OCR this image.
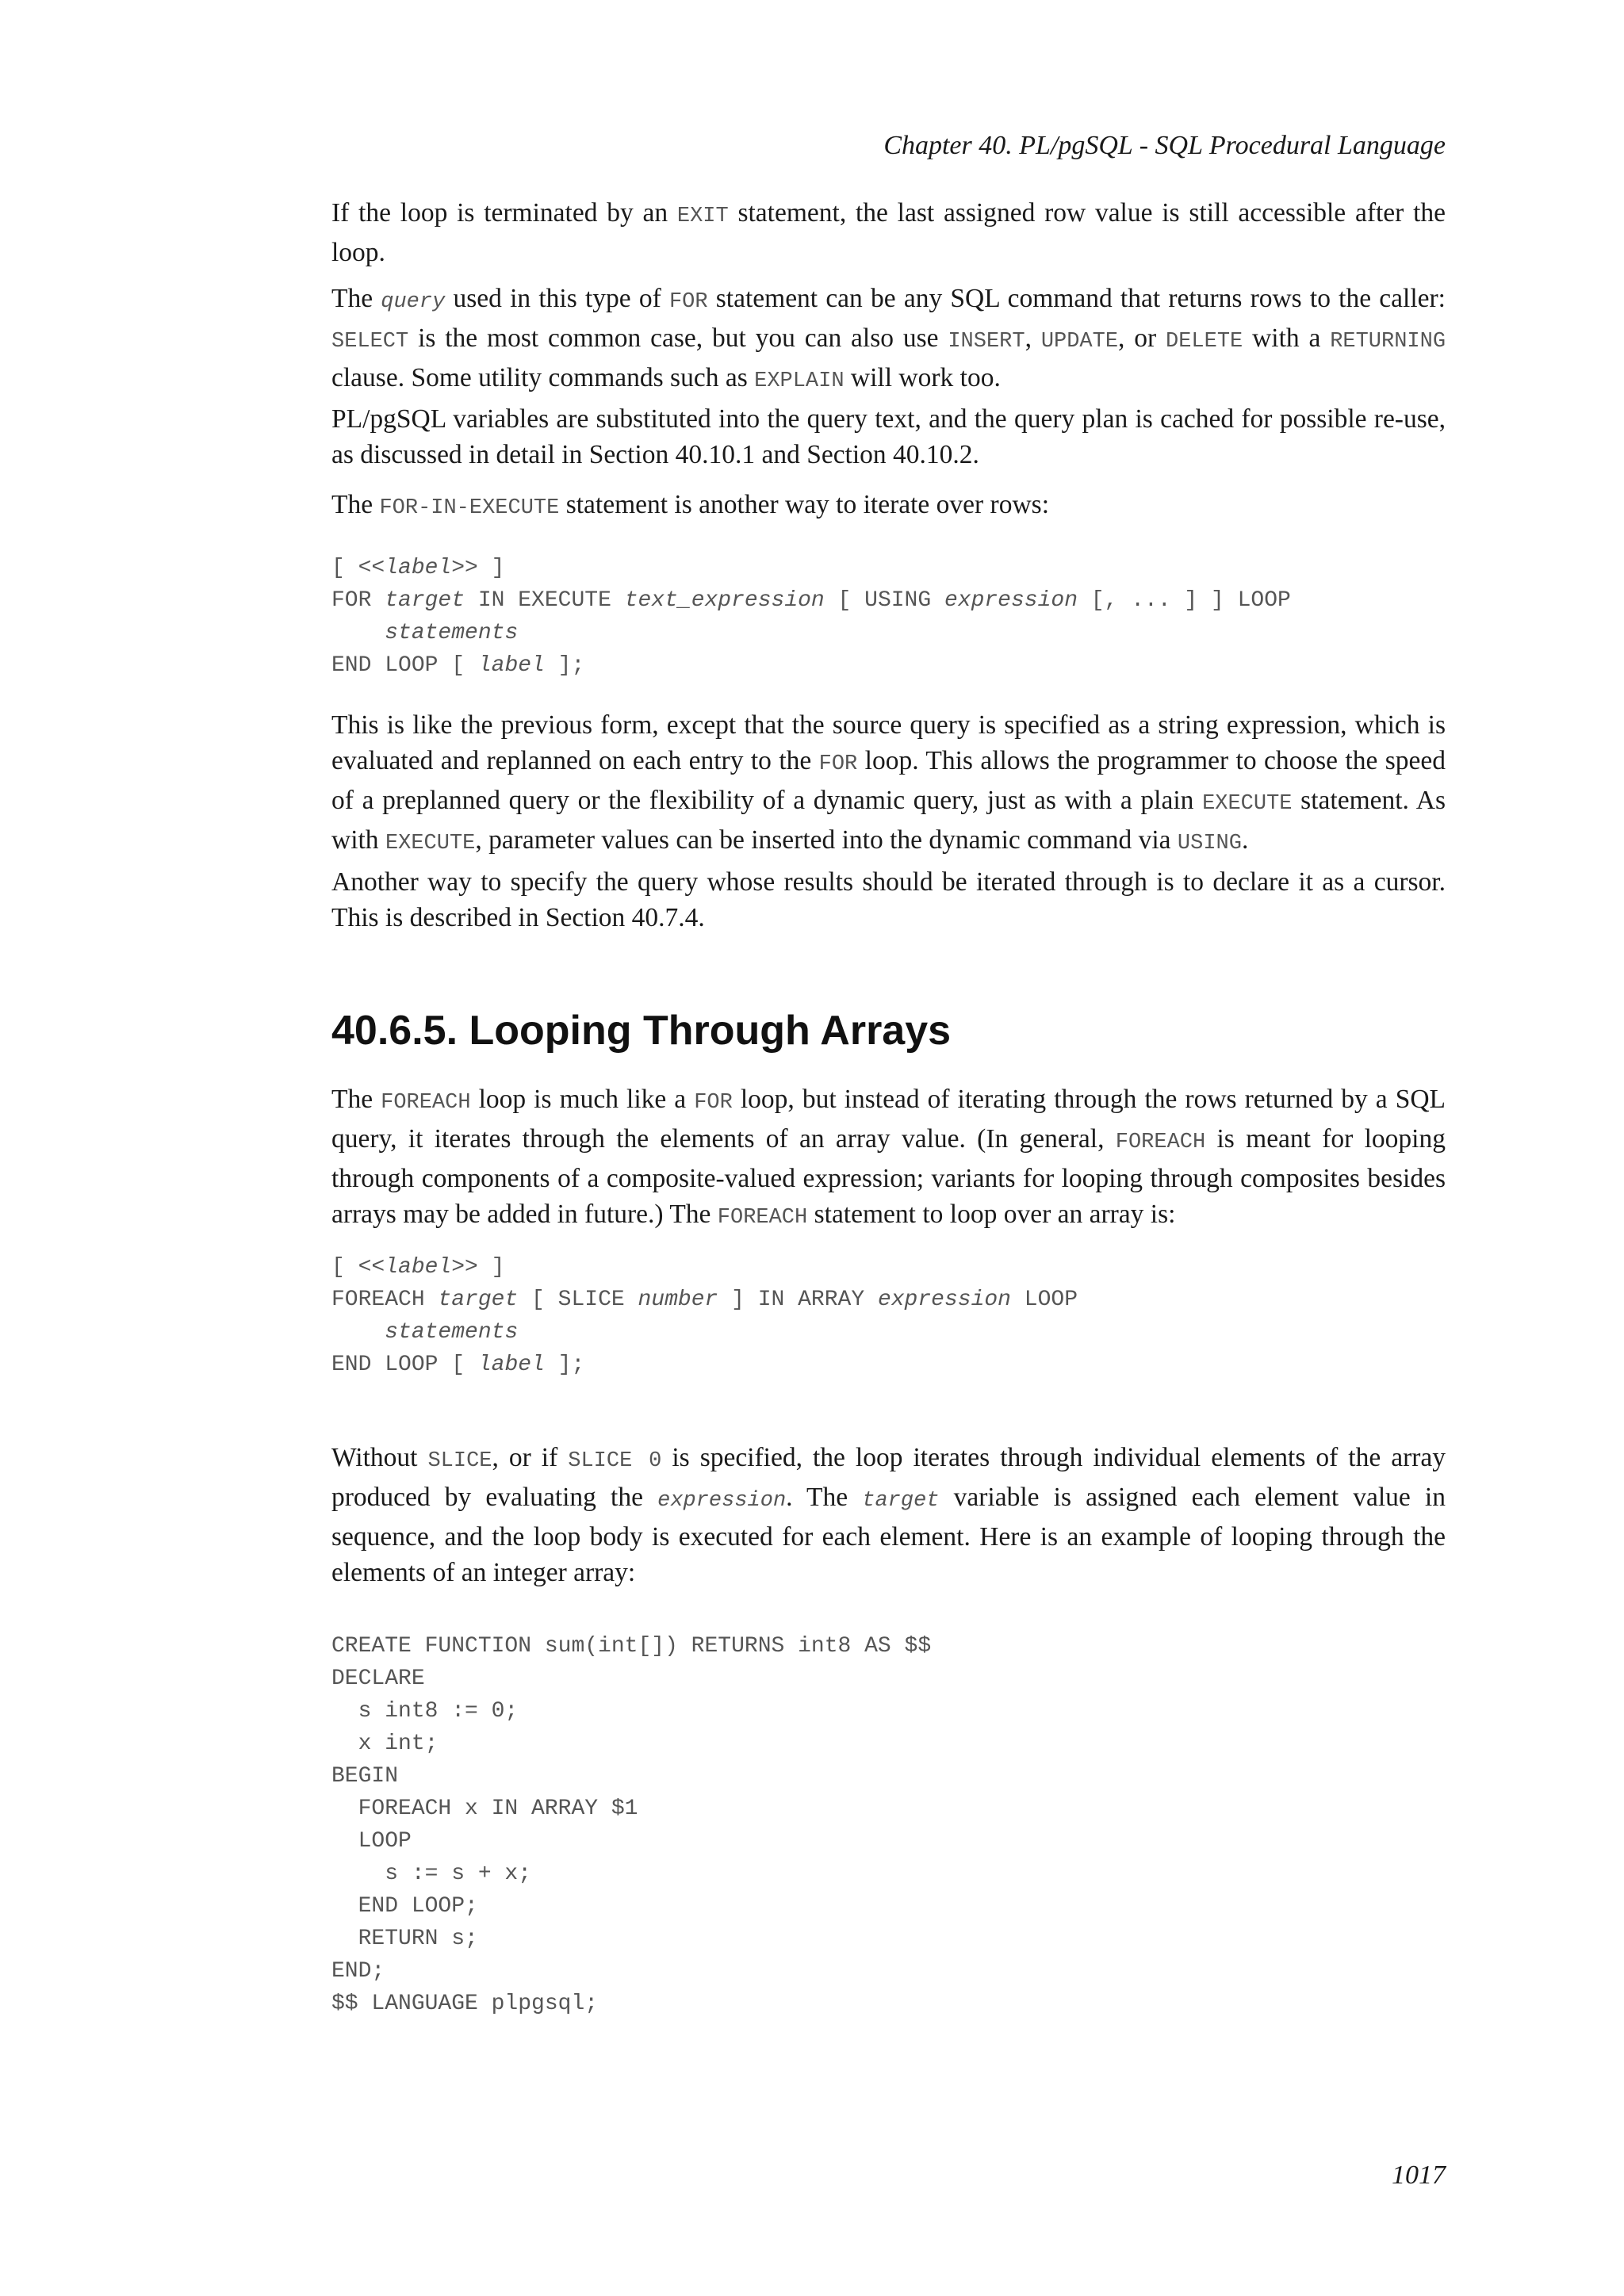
Chapter 40. PL/pgSQL - SQL Procedural Language

If the loop is terminated by an EXIT statement, the last assigned row value is still accessible after the loop.

The query used in this type of FOR statement can be any SQL command that returns rows to the caller: SELECT is the most common case, but you can also use INSERT, UPDATE, or DELETE with a RETURNING clause. Some utility commands such as EXPLAIN will work too.

PL/pgSQL variables are substituted into the query text, and the query plan is cached for possible re-use, as discussed in detail in Section 40.10.1 and Section 40.10.2.

The FOR-IN-EXECUTE statement is another way to iterate over rows:

[ <<label>> ]
FOR target IN EXECUTE text_expression [ USING expression [, ... ] ] LOOP
statements
END LOOP [ label ];

This is like the previous form, except that the source query is specified as a string expression, which is evaluated and replanned on each entry to the FOR loop. This allows the programmer to choose the speed of a preplanned query or the flexibility of a dynamic query, just as with a plain EXECUTE statement. As with EXECUTE, parameter values can be inserted into the dynamic command via USING.

Another way to specify the query whose results should be iterated through is to declare it as a cursor. This is described in Section 40.7.4.

40.6.5. Looping Through Arrays

The FOREACH loop is much like a FOR loop, but instead of iterating through the rows returned by a SQL query, it iterates through the elements of an array value. (In general, FOREACH is meant for looping through components of a composite-valued expression; variants for looping through composites besides arrays may be added in future.) The FOREACH statement to loop over an array is:

[ <<label>> ]
FOREACH target [ SLICE number ] IN ARRAY expression LOOP
statements
END LOOP [ label ];

Without SLICE, or if SLICE 0 is specified, the loop iterates through individual elements of the array produced by evaluating the expression. The target variable is assigned each element value in sequence, and the loop body is executed for each element. Here is an example of looping through the elements of an integer array:

CREATE FUNCTION sum(int[]) RETURNS int8 AS $$
DECLARE
s int8 := 0;
x int;
BEGIN
FOREACH x IN ARRAY $1
LOOP
s := s + x;
END LOOP;
RETURN s;
END;
$$ LANGUAGE plpgsql;
1017
